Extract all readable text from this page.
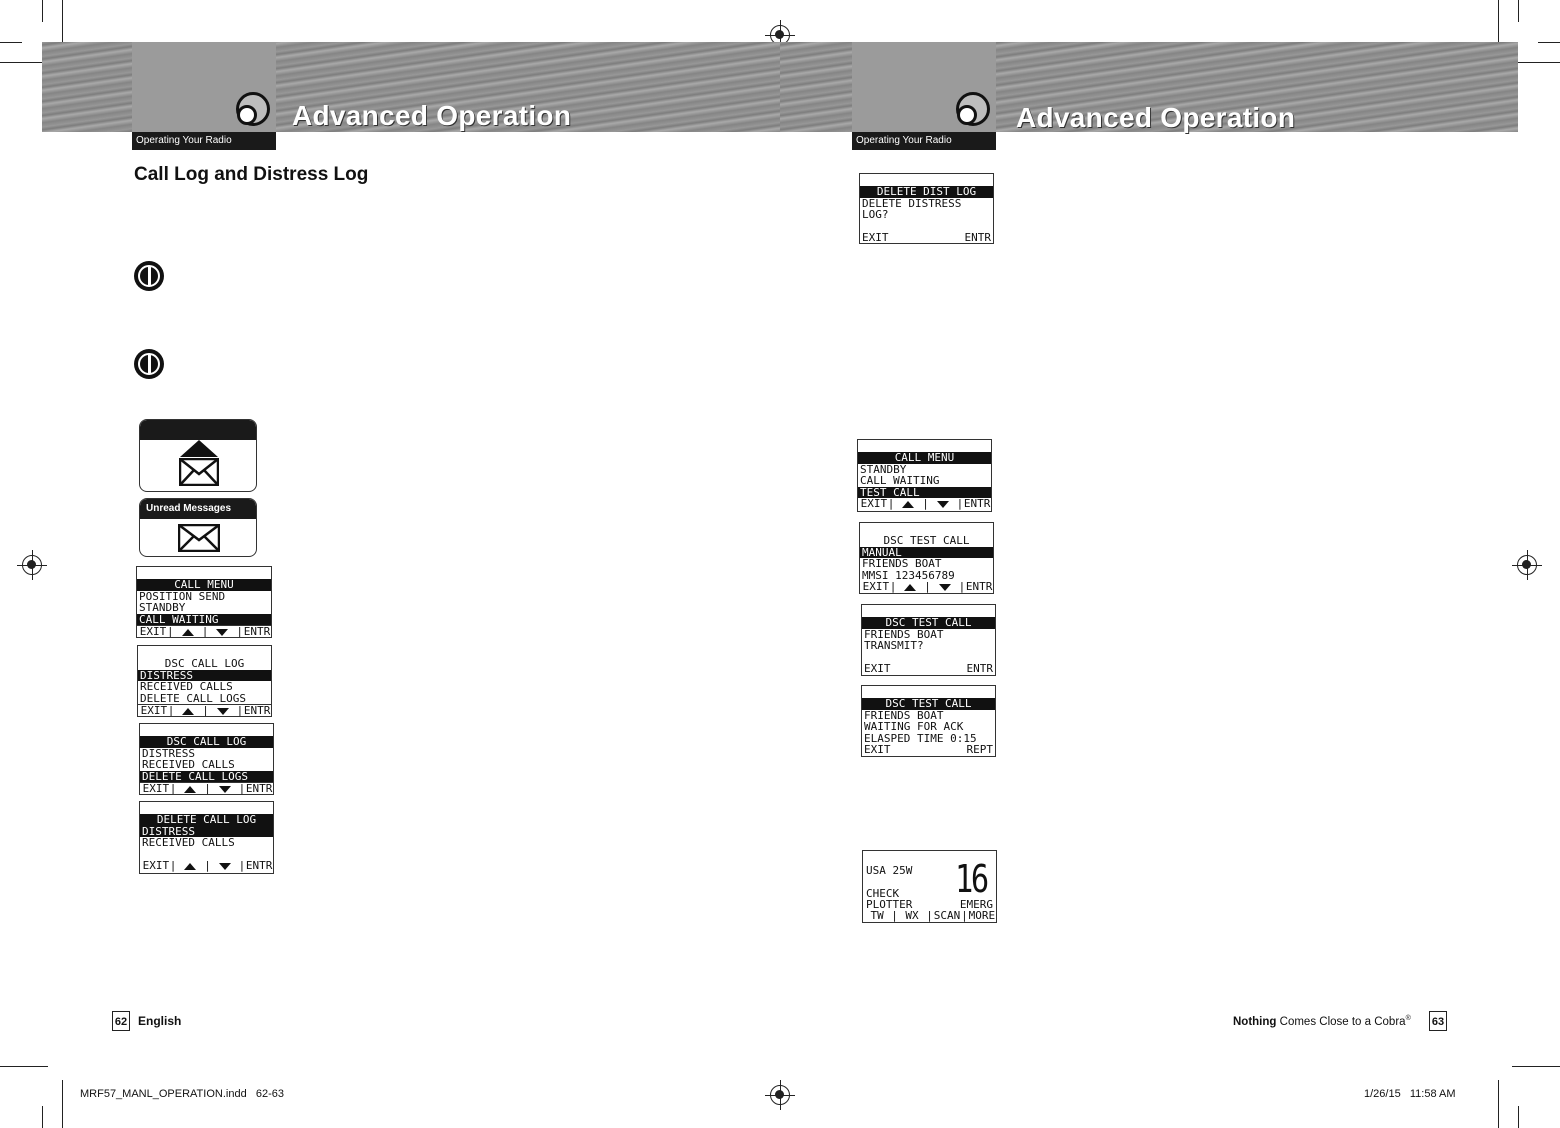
Operating Your Radio
Advanced Operation
Operating Your Radio
Advanced Operation
Call Log and Distress Log
Unread Messages
CALL MENU
POSITION SEND
STANDBY
CALL WAITING
EXIT |	|	| ENTR
DSC CALL LOG
DISTRESS
RECEIVED CALLS
DELETE CALL LOGS
EXIT |	|	| ENTR
DSC CALL LOG
DISTRESS
RECEIVED CALLS
DELETE CALL LOGS
EXIT |	|	| ENTR
DELETE CALL LOG
DISTRESS
RECEIVED CALLS
EXIT |	|	| ENTR
DELETE DIST LOG
DELETE DISTRESS
LOG?
EXIT	ENTR
CALL MENU
STANDBY
CALL WAITING
TEST CALL
EXIT |	|	| ENTR
DSC TEST CALL
MANUAL
FRIENDS BOAT
MMSI 123456789
EXIT |	|	| ENTR
DSC TEST CALL
FRIENDS BOAT
TRANSMIT?
EXIT	ENTR
DSC TEST CALL
FRIENDS BOAT
WAITING FOR ACK
ELASPED TIME 0:15
EXIT	REPT
USA 25W 16
CHECK
PLOTTER	EMERG
TW | WX | SCAN | MORE
62 English	Nothing Comes Close to a Cobra® 63
MRF57_MANL_OPERATION.indd   62-63	1/26/15   11:58 AM
